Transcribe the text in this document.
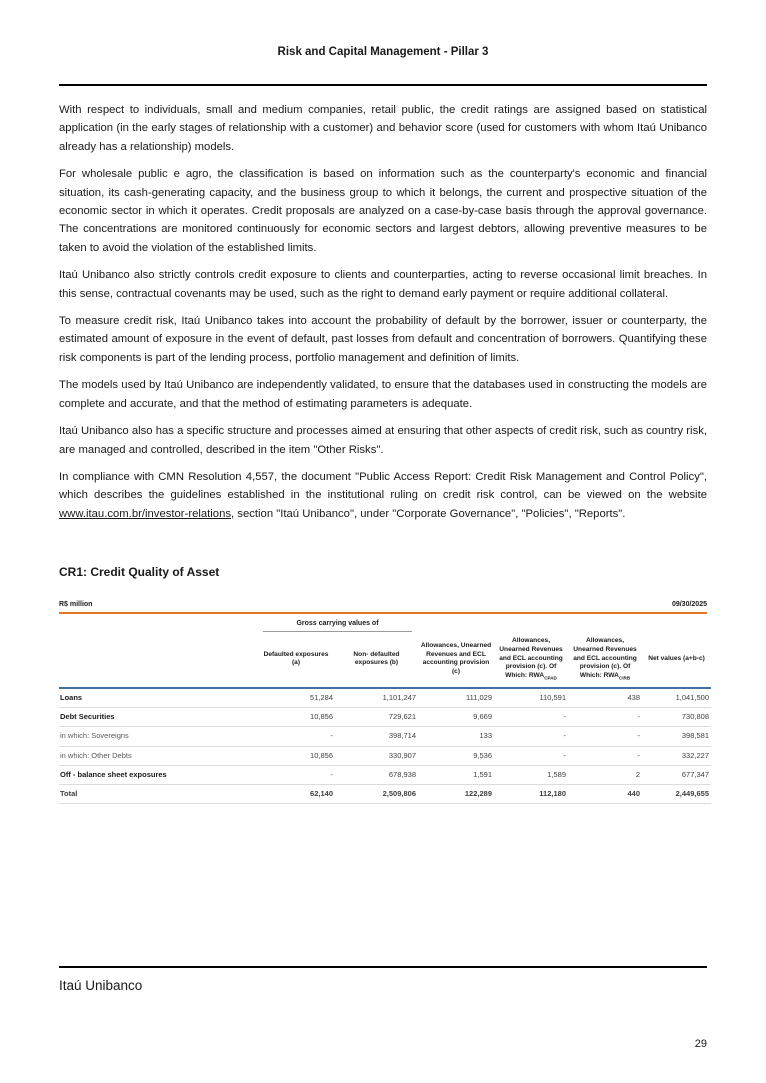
Risk and Capital Management - Pillar 3

With respect to individuals, small and medium companies, retail public, the credit ratings are assigned based on statistical application (in the early stages of relationship with a customer) and behavior score (used for customers with whom Itaú Unibanco already has a relationship) models.

For wholesale public e agro, the classification is based on information such as the counterparty's economic and financial situation, its cash-generating capacity, and the business group to which it belongs, the current and prospective situation of the economic sector in which it operates. Credit proposals are analyzed on a case-by-case basis through the approval governance. The concentrations are monitored continuously for economic sectors and largest debtors, allowing preventive measures to be taken to avoid the violation of the established limits.

Itaú Unibanco also strictly controls credit exposure to clients and counterparties, acting to reverse occasional limit breaches. In this sense, contractual covenants may be used, such as the right to demand early payment or require additional collateral.

To measure credit risk, Itaú Unibanco takes into account the probability of default by the borrower, issuer or counterparty, the estimated amount of exposure in the event of default, past losses from default and concentration of borrowers. Quantifying these risk components is part of the lending process, portfolio management and definition of limits.

The models used by Itaú Unibanco are independently validated, to ensure that the databases used in constructing the models are complete and accurate, and that the method of estimating parameters is adequate.

Itaú Unibanco also has a specific structure and processes aimed at ensuring that other aspects of credit risk, such as country risk, are managed and controlled, described in the item "Other Risks".

In compliance with CMN Resolution 4,557, the document "Public Access Report: Credit Risk Management and Control Policy", which describes the guidelines established in the institutional ruling on credit risk control, can be viewed on the website www.itau.com.br/investor-relations, section "Itaú Unibanco", under "Corporate Governance", "Policies", "Reports".

CR1: Credit Quality of Asset
R$ million	09/30/2025

	Gross carrying values of					

	Defaulted exposures (a)	Non- defaulted exposures (b)	Allowances, Unearned Revenues and ECL accounting provision (c)	Allowances, Unearned Revenues and ECL accounting provision (c). Of Which: $RWA_{CPAD}$	Allowances, Unearned Revenues and ECL accounting provision (c). Of Which: $RWA_{CIRB}$	Net values (a+b-c)
Loans	51,284	1,101,247	111,029	110,591	438	1,041,500
Debt Securities	10,856	729,621	9,669	-	-	730,808
in which: Sovereigns	-	398,714	133	-	-	398,581
in which: Other Debts	10,856	330,907	9,536	-	-	332,227
Off - balance sheet exposures	-	678,938	1,591	1,589	2	677,347
Total	62,140	2,509,806	122,289	112,180	440	2,449,655
Itaú Unibanco
29
